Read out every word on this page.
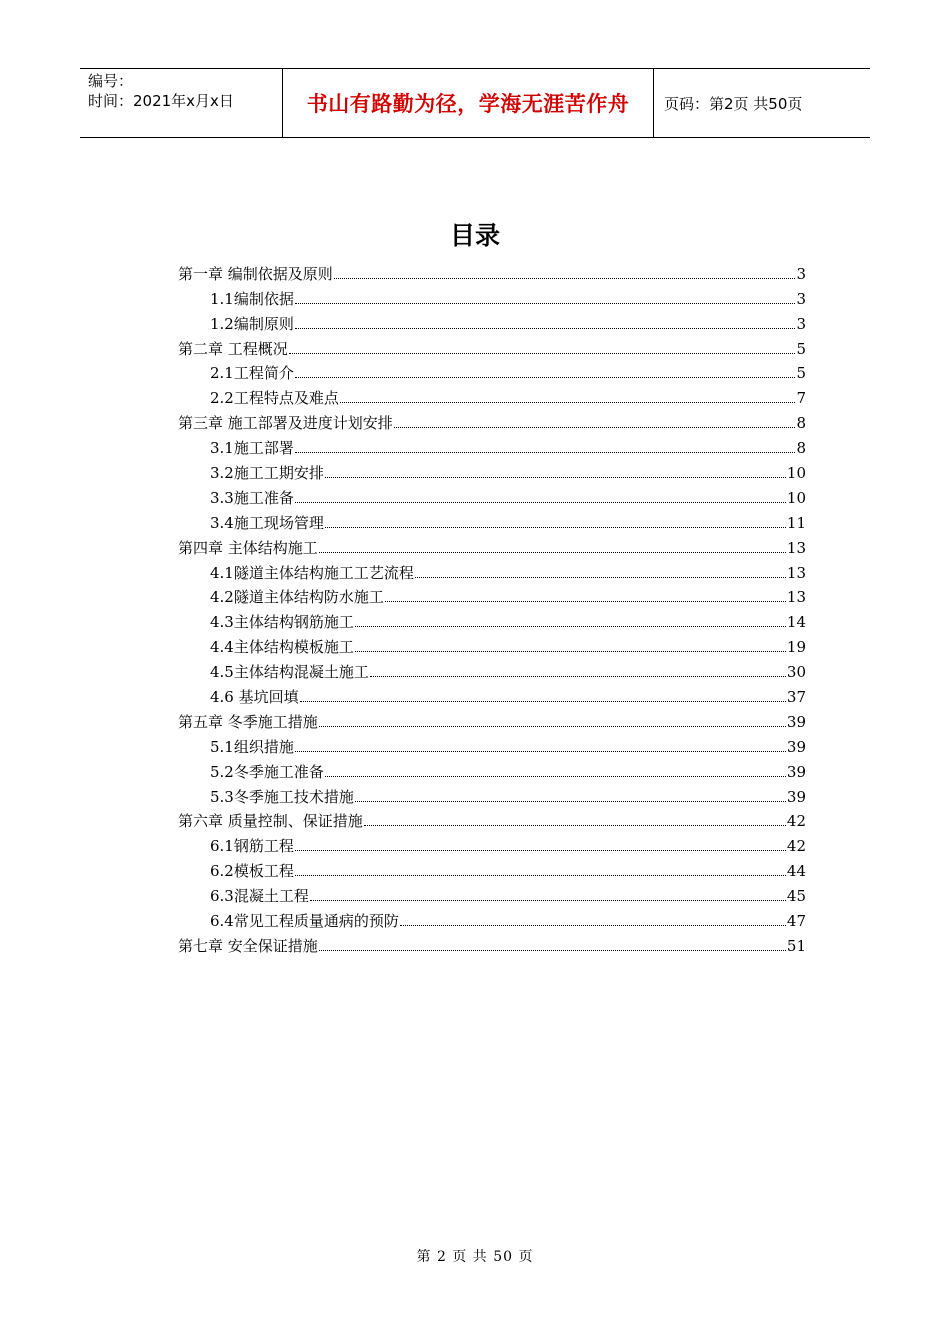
编号：
时间：2021年x月x日	书山有路勤为径，学海无涯苦作舟 页码：第2页 共50页
目录
第一章 编制依据及原则	3
1.1编制依据	3
1.2编制原则	3
第二章 工程概况	5
2.1工程简介	5
2.2工程特点及难点	7
第三章 施工部署及进度计划安排	8
3.1施工部署	8
3.2施工工期安排	10
3.3施工准备	10
3.4施工现场管理	11
第四章 主体结构施工	13
4.1隧道主体结构施工工艺流程	13
4.2隧道主体结构防水施工	13
4.3主体结构钢筋施工	14
4.4主体结构模板施工	19
4.5主体结构混凝土施工	30
4.6 基坑回填	37
第五章 冬季施工措施	39
5.1组织措施	39
5.2冬季施工准备	39
5.3冬季施工技术措施	39
第六章 质量控制、保证措施	42
6.1钢筋工程	42
6.2模板工程	44
6.3混凝土工程	45
6.4常见工程质量通病的预防	47
第七章 安全保证措施	51
第 2 页 共 50 页
